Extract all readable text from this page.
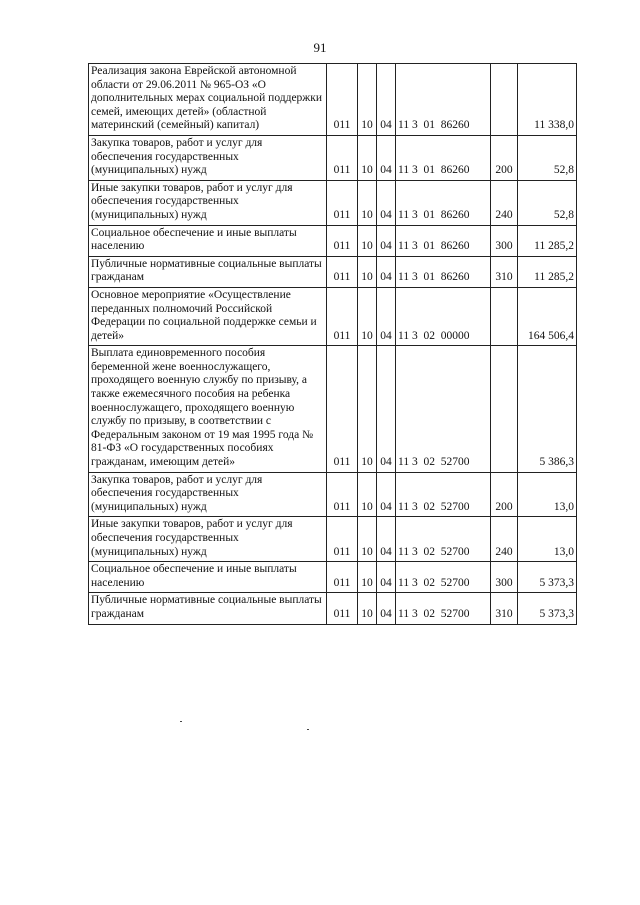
91
Реализация закона Еврейской автономной области от 29.06.2011 № 965-ОЗ «О дополнительных мерах социальной поддержки семей, имеющих детей» (областной материнский (семейный) капитал)	011	10	04	11 3  01  86260		11 338,0
Закупка товаров, работ и услуг для обеспечения государственных (муниципальных) нужд	011	10	04	11 3  01  86260	200	52,8
Иные закупки товаров, работ и услуг для обеспечения государственных (муниципальных) нужд	011	10	04	11 3  01  86260	240	52,8
Социальное обеспечение и иные выплаты населению	011	10	04	11 3  01  86260	300	11 285,2
Публичные нормативные социальные выплаты гражданам	011	10	04	11 3  01  86260	310	11 285,2
Основное мероприятие «Осуществление переданных полномочий Российской Федерации по социальной поддержке семьи и детей»	011	10	04	11 3  02  00000		164 506,4
Выплата единовременного пособия беременной жене военнослужащего, проходящего военную службу по призыву, а также ежемесячного пособия на ребенка военнослужащего, проходящего военную службу по призыву, в соответствии с Федеральным законом от 19 мая 1995 года № 81-ФЗ «О государственных пособиях гражданам, имеющим детей»	011	10	04	11 3  02  52700		5 386,3
Закупка товаров, работ и услуг для обеспечения государственных (муниципальных) нужд	011	10	04	11 3  02  52700	200	13,0
Иные закупки товаров, работ и услуг для обеспечения государственных (муниципальных) нужд	011	10	04	11 3  02  52700	240	13,0
Социальное обеспечение и иные выплаты населению	011	10	04	11 3  02  52700	300	5 373,3
Публичные нормативные социальные выплаты гражданам	011	10	04	11 3  02  52700	310	5 373,3
